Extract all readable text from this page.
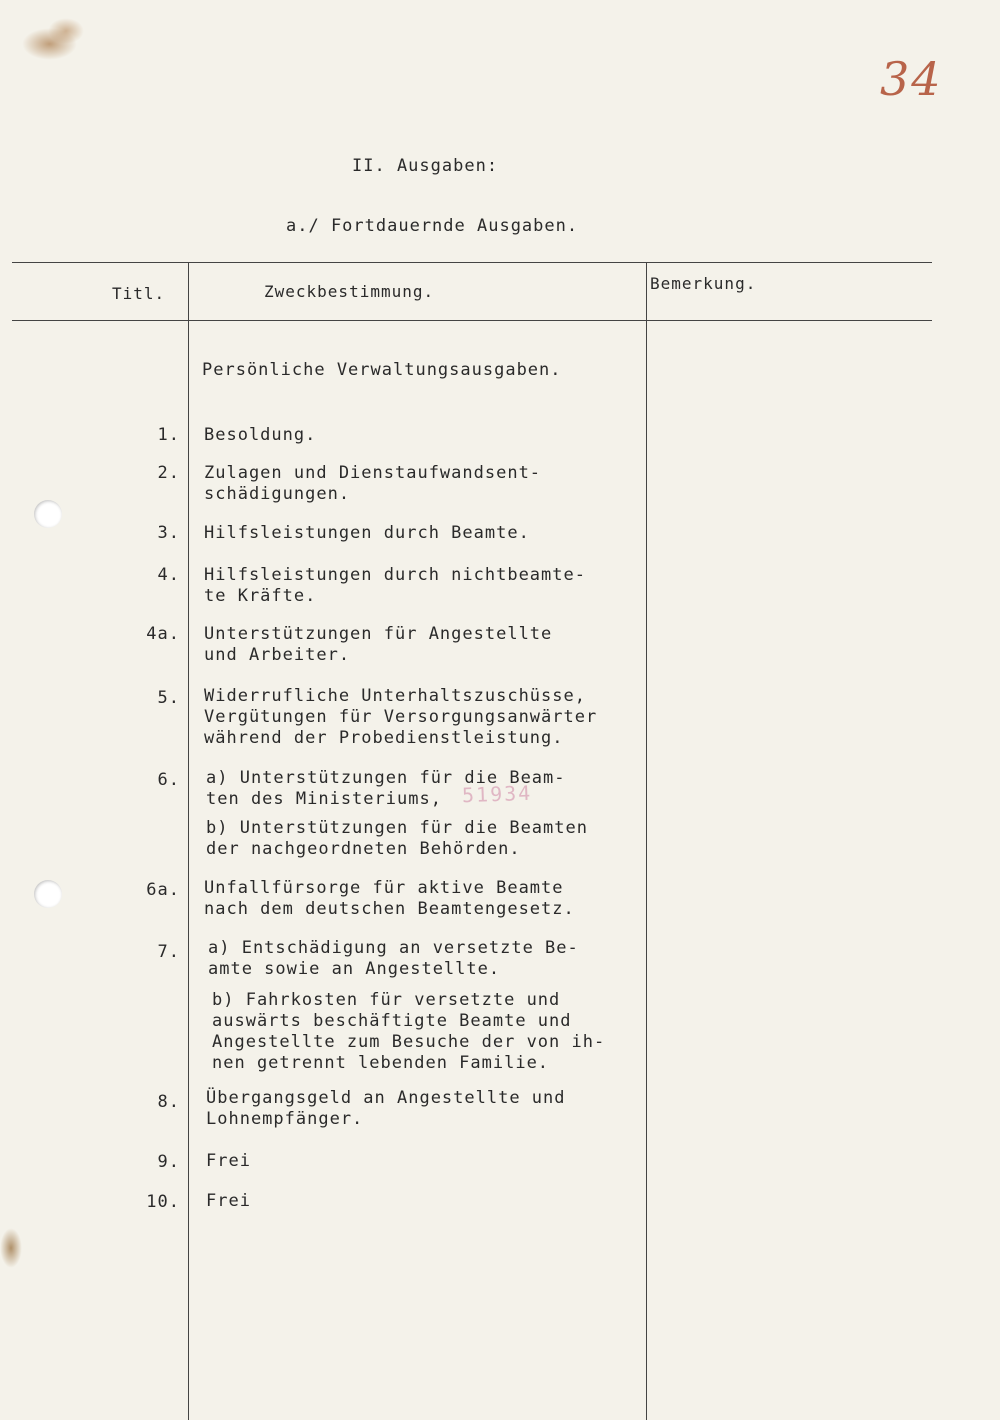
34
II. Ausgaben:
a./ Fortdauernde Ausgaben.
Titl.	Zweckbestimmung.	Bemerkung.
Persönliche Verwaltungsausgaben.
1. Besoldung.
2. Zulagen und Dienstaufwandsent-
schädigungen.
3. Hilfsleistungen durch Beamte.
4. Hilfsleistungen durch nichtbeamte-
te Kräfte.
4a. Unterstützungen für Angestellte
und Arbeiter.
5. Widerrufliche Unterhaltszuschüsse,
Vergütungen für Versorgungsanwärter
während der Probedienstleistung.
6. a) Unterstützungen für die Beam-
ten des Ministeriums,
b) Unterstützungen für die Beamten
der nachgeordneten Behörden.
6a. Unfallfürsorge für aktive Beamte
nach dem deutschen Beamtengesetz.
7. a) Entschädigung an versetzte Be-
amte sowie an Angestellte.
b) Fahrkosten für versetzte und
auswärts beschäftigte Beamte und
Angestellte zum Besuche der von ih-
nen getrennt lebenden Familie.
8. Übergangsgeld an Angestellte und
Lohnempfänger.
9. Frei
10. Frei
51934
